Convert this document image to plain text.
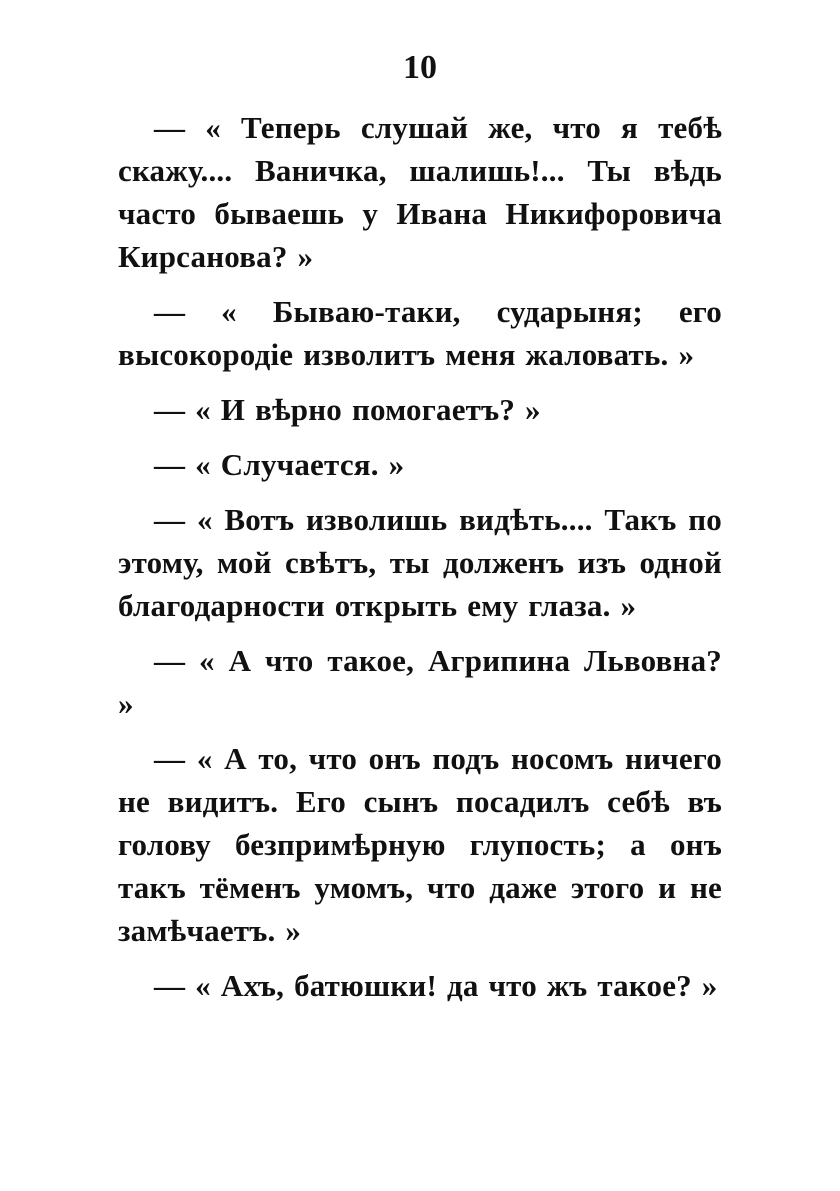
10

— « Теперь слушай же, что я тебѣ скажу.... Ваничка, шалишь!... Ты вѣдь часто бываешь у Ивана Никифоровича Кирсанова? »

— « Бываю-таки, сударыня; его высокородіе изволитъ меня жаловать. »

— « И вѣрно помогаетъ? »

— « Случается. »

— « Вотъ изволишь видѣть.... Такъ по этому, мой свѣтъ, ты долженъ изъ одной благодарности открыть ему глаза. »

— « А что такое, Агрипина Львовна? »

— « А то, что онъ подъ носомъ ничего не видитъ. Его сынъ посадилъ себѣ въ голову безпримѣрную глупость; а онъ такъ тёменъ умомъ, что даже этого и не замѣчаетъ. »

— « Ахъ, батюшки! да что жъ такое? »
